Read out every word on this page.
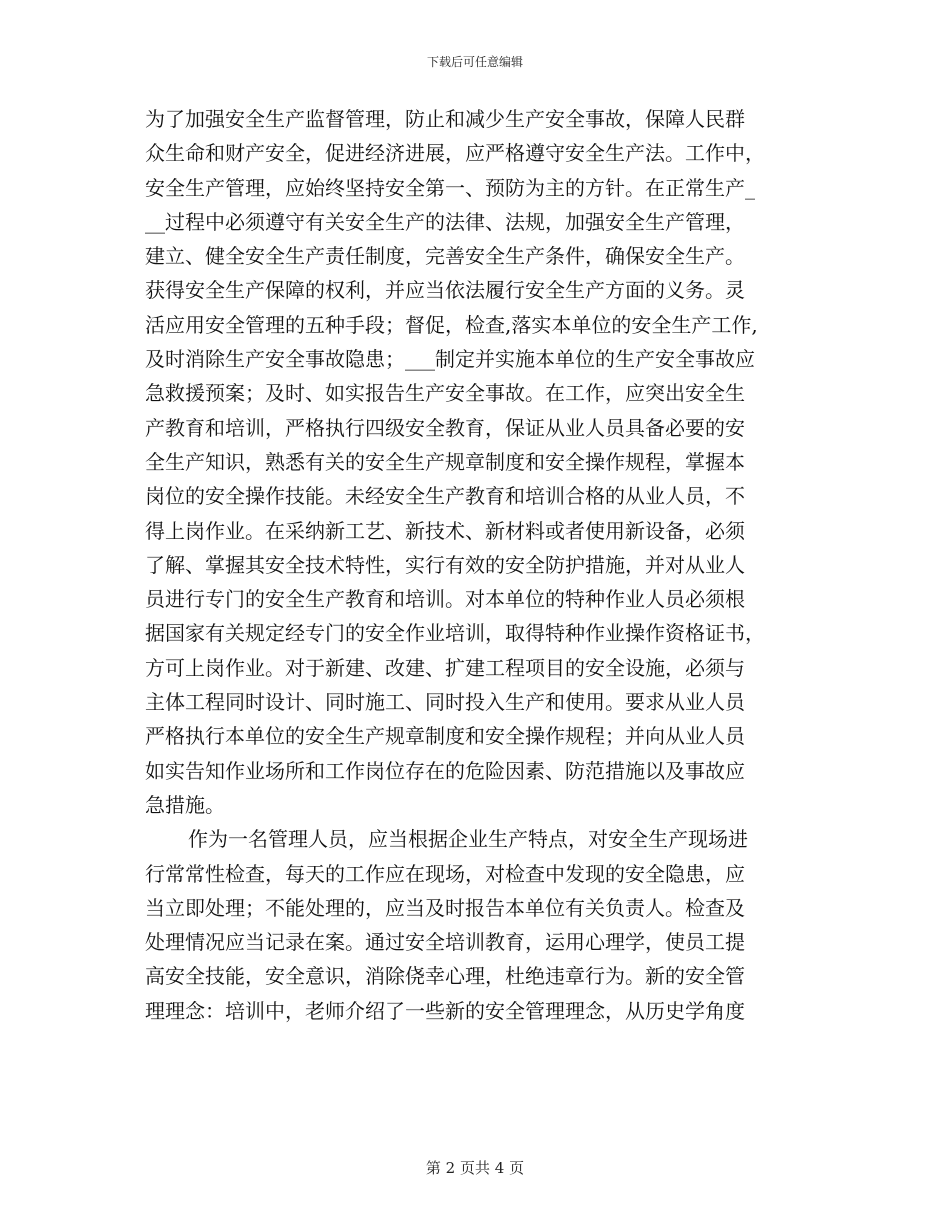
下载后可任意编辑
为了加强安全生产监督管理，防止和减少生产安全事故，保障人民群
众生命和财产安全，促进经济进展，应严格遵守安全生产法。工作中，
安全生产管理，应始终坚持安全第一、预防为主的方针。在正常生产_
__过程中必须遵守有关安全生产的法律、法规，加强安全生产管理，
建立、健全安全生产责任制度，完善安全生产条件，确保安全生产。
获得安全生产保障的权利，并应当依法履行安全生产方面的义务。灵
活应用安全管理的五种手段；督促，检查,落实本单位的安全生产工作,
及时消除生产安全事故隐患；___制定并实施本单位的生产安全事故应
急救援预案；及时、如实报告生产安全事故。在工作，应突出安全生
产教育和培训，严格执行四级安全教育，保证从业人员具备必要的安
全生产知识，熟悉有关的安全生产规章制度和安全操作规程，掌握本
岗位的安全操作技能。未经安全生产教育和培训合格的从业人员，不
得上岗作业。在采纳新工艺、新技术、新材料或者使用新设备，必须
了解、掌握其安全技术特性，实行有效的安全防护措施，并对从业人
员进行专门的安全生产教育和培训。对本单位的特种作业人员必须根
据国家有关规定经专门的安全作业培训，取得特种作业操作资格证书，
方可上岗作业。对于新建、改建、扩建工程项目的安全设施，必须与
主体工程同时设计、同时施工、同时投入生产和使用。要求从业人员
严格执行本单位的安全生产规章制度和安全操作规程；并向从业人员
如实告知作业场所和工作岗位存在的危险因素、防范措施以及事故应
急措施。
作为一名管理人员，应当根据企业生产特点，对安全生产现场进
行常常性检查，每天的工作应在现场，对检查中发现的安全隐患，应
当立即处理；不能处理的，应当及时报告本单位有关负责人。检查及
处理情况应当记录在案。通过安全培训教育，运用心理学，使员工提
高安全技能，安全意识，消除侥幸心理，杜绝违章行为。新的安全管
理理念：培训中，老师介绍了一些新的安全管理理念，从历史学角度
第 2 页共 4 页
